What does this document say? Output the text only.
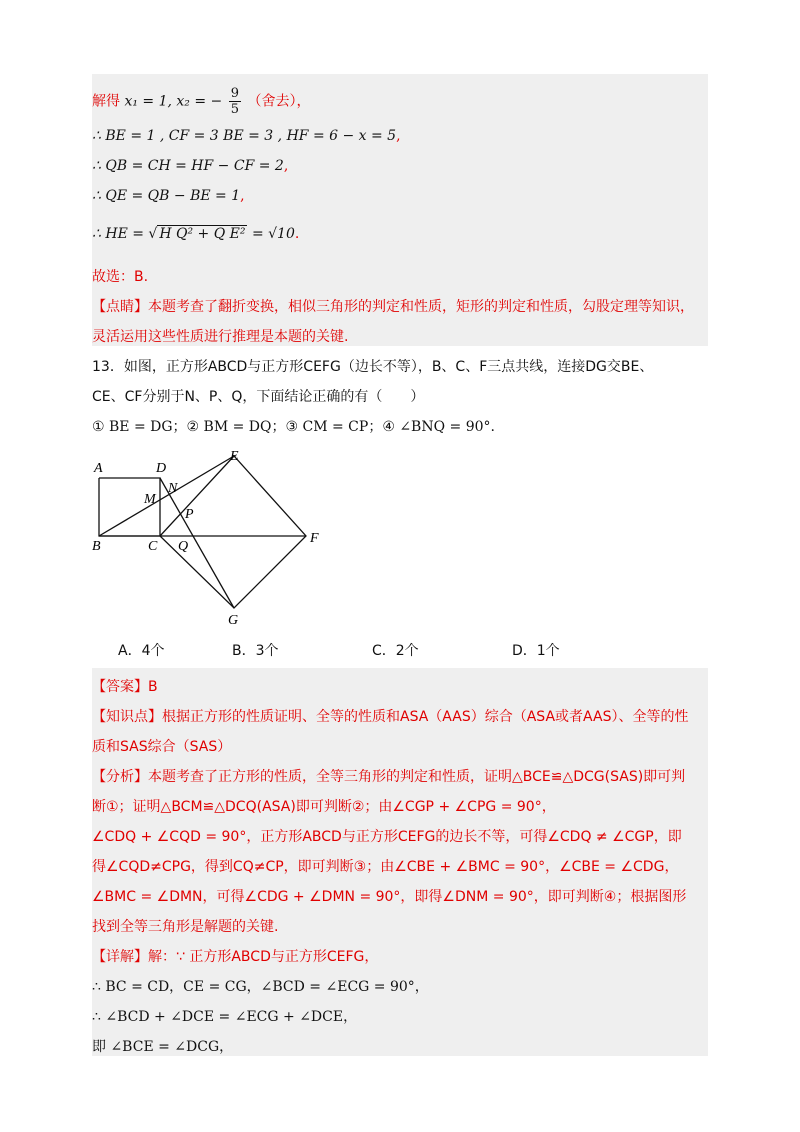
解得 x₁ = 1, x₂ = − $\frac{9}{5}$ （舍去），
∴ BE = 1 , CF = 3 BE = 3 , HF = 6 − x = 5,
∴ QB = CH = HF − CF = 2,
∴ QE = QB − BE = 1,
∴ HE = √ H Q² + Q E² = √10.
故选：B.
【点睛】本题考查了翻折变换，相似三角形的判定和性质，矩形的判定和性质，勾股定理等知识，
灵活运用这些性质进行推理是本题的关键.
13．如图，正方形ABCD与正方形CEFG（边长不等），B、C、F三点共线，连接DG交BE、
CE、CF分别于N、P、Q，下面结论正确的有（　　）
① BE = DG；② BM = DQ；③ CM = CP；④ ∠BNQ = 90°.
A	D
E
M
N
P
B	C Q
F
G
A．4个	B．3个	C．2个	D．1个
【答案】B
【知识点】根据正方形的性质证明、全等的性质和ASA（AAS）综合（ASA或者AAS）、全等的性
质和SAS综合（SAS）
【分析】本题考查了正方形的性质，全等三角形的判定和性质，证明△BCE≌△DCG(SAS)即可判
断①；证明△BCM≌△DCQ(ASA)即可判断②；由∠CGP + ∠CPG = 90°，
∠CDQ + ∠CQD = 90°，正方形ABCD与正方形CEFG的边长不等，可得∠CDQ ≠ ∠CGP，即
得∠CQD≠CPG，得到CQ≠CP，即可判断③；由∠CBE + ∠BMC = 90°，∠CBE = ∠CDG，
∠BMC = ∠DMN，可得∠CDG + ∠DMN = 90°，即得∠DNM = 90°，即可判断④；根据图形
找到全等三角形是解题的关键.
【详解】解：∵ 正方形ABCD与正方形CEFG，
∴ BC = CD，CE = CG，∠BCD = ∠ECG = 90°，
∴ ∠BCD + ∠DCE = ∠ECG + ∠DCE，
即 ∠BCE = ∠DCG，
